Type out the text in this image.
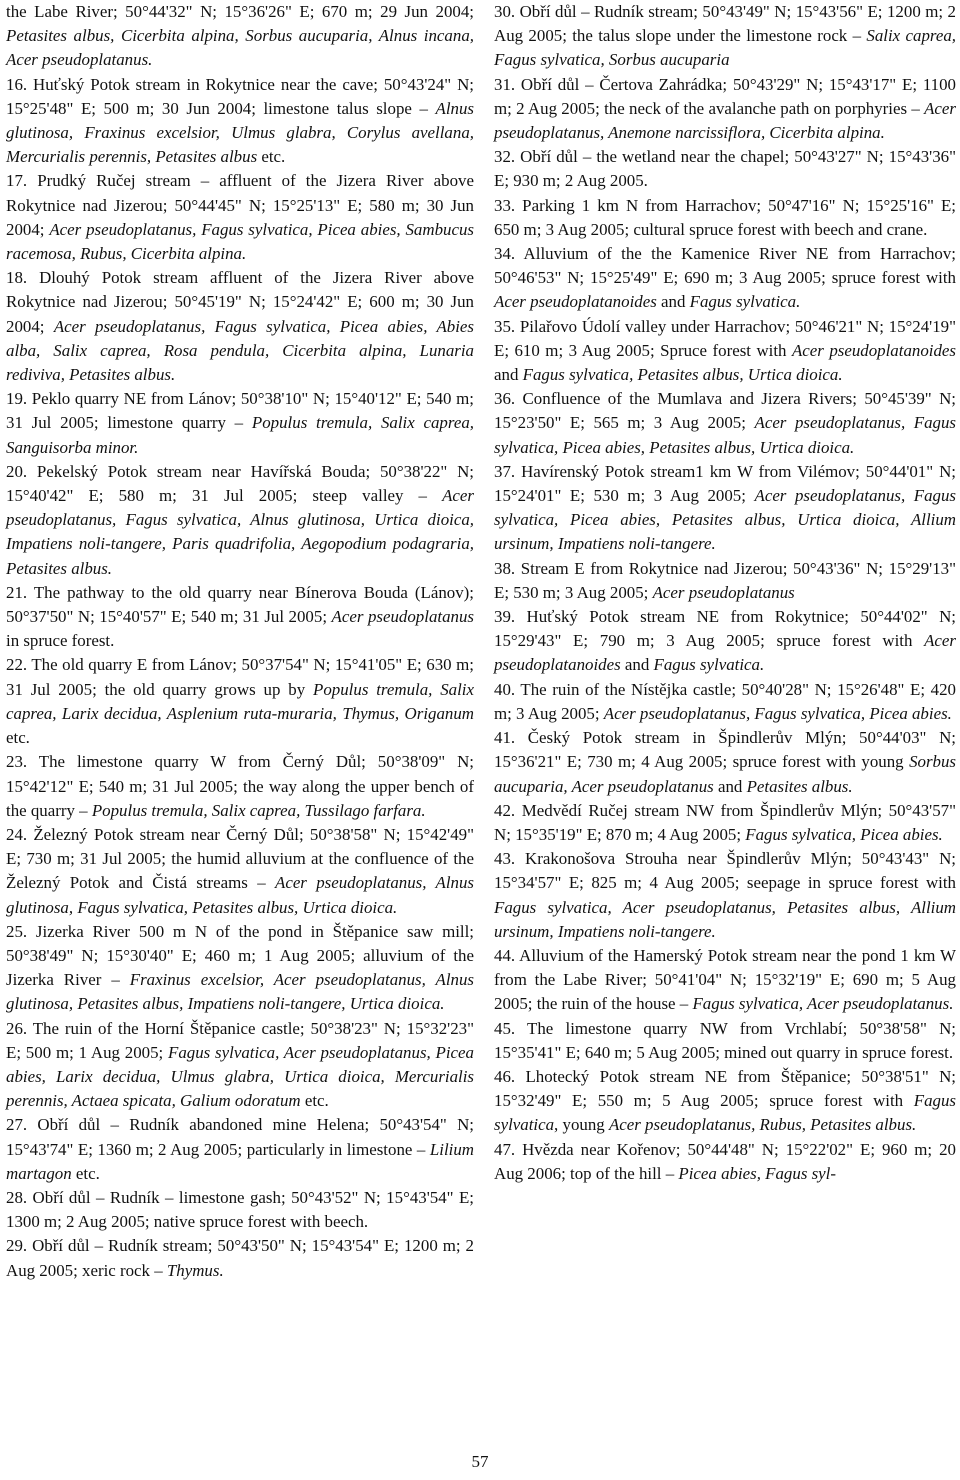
the Labe River; 50°44'32" N; 15°36'26" E; 670 m; 29 Jun 2004; Petasites albus, Cicerbita alpina, Sorbus aucuparia, Alnus incana, Acer pseudoplatanus.

16. Huťský Potok stream in Rokytnice near the cave; 50°43'24" N; 15°25'48" E; 500 m; 30 Jun 2004; limestone talus slope – Alnus glutinosa, Fraxinus excelsior, Ulmus glabra, Corylus avellana, Mercurialis perennis, Petasites albus etc.

17. Prudký Ručej stream – affluent of the Jizera River above Rokytnice nad Jizerou; 50°44'45" N; 15°25'13" E; 580 m; 30 Jun 2004; Acer pseudoplatanus, Fagus sylvatica, Picea abies, Sambucus racemosa, Rubus, Cicerbita alpina.

18. Dlouhý Potok stream affluent of the Jizera River above Rokytnice nad Jizerou; 50°45'19" N; 15°24'42" E; 600 m; 30 Jun 2004; Acer pseudoplatanus, Fagus sylvatica, Picea abies, Abies alba, Salix caprea, Rosa pendula, Cicerbita alpina, Lunaria rediviva, Petasites albus.

19. Peklo quarry NE from Lánov; 50°38'10" N; 15°40'12" E; 540 m; 31 Jul 2005; limestone quarry – Populus tremula, Salix caprea, Sanguisorba minor.

20. Pekelský Potok stream near Havířská Bouda; 50°38'22" N; 15°40'42" E; 580 m; 31 Jul 2005; steep valley – Acer pseudoplatanus, Fagus sylvatica, Alnus glutinosa, Urtica dioica, Impatiens noli-tangere, Paris quadrifolia, Aegopodium podagraria, Petasites albus.

21. The pathway to the old quarry near Bínerova Bouda (Lánov); 50°37'50" N; 15°40'57" E; 540 m; 31 Jul 2005; Acer pseudoplatanus in spruce forest.

22. The old quarry E from Lánov; 50°37'54" N; 15°41'05" E; 630 m; 31 Jul 2005; the old quarry grows up by Populus tremula, Salix caprea, Larix decidua, Asplenium ruta-muraria, Thymus, Origanum etc.

23. The limestone quarry W from Černý Důl; 50°38'09" N; 15°42'12" E; 540 m; 31 Jul 2005; the way along the upper bench of the quarry – Populus tremula, Salix caprea, Tussilago farfara.

24. Železný Potok stream near Černý Důl; 50°38'58" N; 15°42'49" E; 730 m; 31 Jul 2005; the humid alluvium at the confluence of the Železný Potok and Čistá streams – Acer pseudoplatanus, Alnus glutinosa, Fagus sylvatica, Petasites albus, Urtica dioica.

25. Jizerka River 500 m N of the pond in Štěpanice saw mill; 50°38'49" N; 15°30'40" E; 460 m; 1 Aug 2005; alluvium of the Jizerka River – Fraxinus excelsior, Acer pseudoplatanus, Alnus glutinosa, Petasites albus, Impatiens noli-tangere, Urtica dioica.

26. The ruin of the Horní Štěpanice castle; 50°38'23" N; 15°32'23" E; 500 m; 1 Aug 2005; Fagus sylvatica, Acer pseudoplatanus, Picea abies, Larix decidua, Ulmus glabra, Urtica dioica, Mercurialis perennis, Actaea spicata, Galium odoratum etc.

27. Obří důl – Rudník abandoned mine Helena; 50°43'54" N; 15°43'74" E; 1360 m; 2 Aug 2005; particularly in limestone – Lilium martagon etc.

28. Obří důl – Rudník – limestone gash; 50°43'52" N; 15°43'54" E; 1300 m; 2 Aug 2005; native spruce forest with beech.

29. Obří důl – Rudník stream; 50°43'50" N; 15°43'54" E; 1200 m; 2 Aug 2005; xeric rock – Thymus.

30. Obří důl – Rudník stream; 50°43'49" N; 15°43'56" E; 1200 m; 2 Aug 2005; the talus slope under the limestone rock – Salix caprea, Fagus sylvatica, Sorbus aucuparia

31. Obří důl – Čertova Zahrádka; 50°43'29" N; 15°43'17" E; 1100 m; 2 Aug 2005; the neck of the avalanche path on porphyries – Acer pseudoplatanus, Anemone narcissiflora, Cicerbita alpina.

32. Obří důl – the wetland near the chapel; 50°43'27" N; 15°43'36" E; 930 m; 2 Aug 2005.

33. Parking 1 km N from Harrachov; 50°47'16" N; 15°25'16" E; 650 m; 3 Aug 2005; cultural spruce forest with beech and crane.

34. Alluvium of the the Kamenice River NE from Harrachov; 50°46'53" N; 15°25'49" E; 690 m; 3 Aug 2005; spruce forest with Acer pseudoplatanoides and Fagus sylvatica.

35. Pilařovo Údolí valley under Harrachov; 50°46'21" N; 15°24'19" E; 610 m; 3 Aug 2005; Spruce forest with Acer pseudoplatanoides and Fagus sylvatica, Petasites albus, Urtica dioica.

36. Confluence of the Mumlava and Jizera Rivers; 50°45'39" N; 15°23'50" E; 565 m; 3 Aug 2005; Acer pseudoplatanus, Fagus sylvatica, Picea abies, Petasites albus, Urtica dioica.

37. Havírenský Potok stream1 km W from Vilémov; 50°44'01" N; 15°24'01" E; 530 m; 3 Aug 2005; Acer pseudoplatanus, Fagus sylvatica, Picea abies, Petasites albus, Urtica dioica, Allium ursinum, Impatiens noli-tangere.

38. Stream E from Rokytnice nad Jizerou; 50°43'36" N; 15°29'13" E; 530 m; 3 Aug 2005; Acer pseudoplatanus

39. Huťský Potok stream NE from Rokytnice; 50°44'02" N; 15°29'43" E; 790 m; 3 Aug 2005; spruce forest with Acer pseudoplatanoides and Fagus sylvatica.

40. The ruin of the Nístějka castle; 50°40'28" N; 15°26'48" E; 420 m; 3 Aug 2005; Acer pseudoplatanus, Fagus sylvatica, Picea abies.

41. Český Potok stream in Špindlerův Mlýn; 50°44'03" N; 15°36'21" E; 730 m; 4 Aug 2005; spruce forest with young Sorbus aucuparia, Acer pseudoplatanus and Petasites albus.

42. Medvědí Ručej stream NW from Špindlerův Mlýn; 50°43'57" N; 15°35'19" E; 870 m; 4 Aug 2005; Fagus sylvatica, Picea abies.

43. Krakonošova Strouha near Špindlerův Mlýn; 50°43'43" N; 15°34'57" E; 825 m; 4 Aug 2005; seepage in spruce forest with Fagus sylvatica, Acer pseudoplatanus, Petasites albus, Allium ursinum, Impatiens noli-tangere.

44. Alluvium of the Hamerský Potok stream near the pond 1 km W from the Labe River; 50°41'04" N; 15°32'19" E; 690 m; 5 Aug 2005; the ruin of the house – Fagus sylvatica, Acer pseudoplatanus.

45. The limestone quarry NW from Vrchlabí; 50°38'58" N; 15°35'41" E; 640 m; 5 Aug 2005; mined out quarry in spruce forest.

46. Lhotecký Potok stream NE from Štěpanice; 50°38'51" N; 15°32'49" E; 550 m; 5 Aug 2005; spruce forest with Fagus sylvatica, young Acer pseudoplatanus, Rubus, Petasites albus.

47. Hvězda near Kořenov; 50°44'48" N; 15°22'02" E; 960 m; 20 Aug 2006; top of the hill – Picea abies, Fagus syl-

57
